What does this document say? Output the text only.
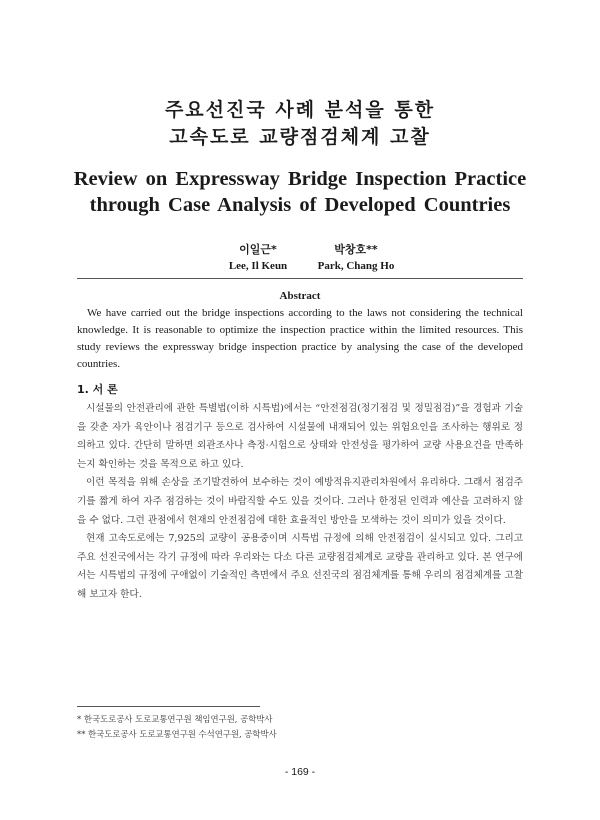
주요선진국 사례 분석을 통한
고속도로 교량점검체계 고찰
Review on Expressway Bridge Inspection Practice
through Case Analysis of Developed Countries
이일근*
Lee, Il Keun
박창호**
Park, Chang Ho
Abstract

We have carried out the bridge inspections according to the laws not considering the technical knowledge. It is reasonable to optimize the inspection practice within the limited resources. This study reviews the expressway bridge inspection practice by analysing the case of the developed countries.

1. 서 론

시설물의 안전관리에 관한 특별법(이하 시특법)에서는 “안전점검(정기점검 및 정밀점검)”을 경험과 기술을 갖춘 자가 육안이나 점검기구 등으로 검사하여 시설물에 내재되어 있는 위험요인을 조사하는 행위로 정의하고 있다. 간단히 말하면 외관조사나 측정·시험으로 상태와 안전성을 평가하여 교량 사용요건을 만족하는지 확인하는 것을 목적으로 하고 있다.

이런 목적을 위해 손상을 조기발견하여 보수하는 것이 예방적유지관리차원에서 유리하다. 그래서 점검주기를 짧게 하여 자주 점검하는 것이 바람직할 수도 있을 것이다. 그러나 한정된 인력과 예산을 고려하지 않을 수 없다. 그런 관점에서 현재의 안전점검에 대한 효율적인 방안을 모색하는 것이 의미가 있을 것이다.

현재 고속도로에는 7,925의 교량이 공용중이며 시특법 규정에 의해 안전점검이 실시되고 있다. 그리고 주요 선진국에서는 각기 규정에 따라 우리와는 다소 다른 교량점검체계로 교량을 관리하고 있다. 본 연구에서는 시특법의 규정에 구애없이 기술적인 측면에서 주요 선진국의 점검체계를 통해 우리의 점검체계를 고찰해 보고자 한다.

* 한국도로공사 도로교통연구원 책임연구원, 공학박사
** 한국도로공사 도로교통연구원 수석연구원, 공학박사
- 169 -
